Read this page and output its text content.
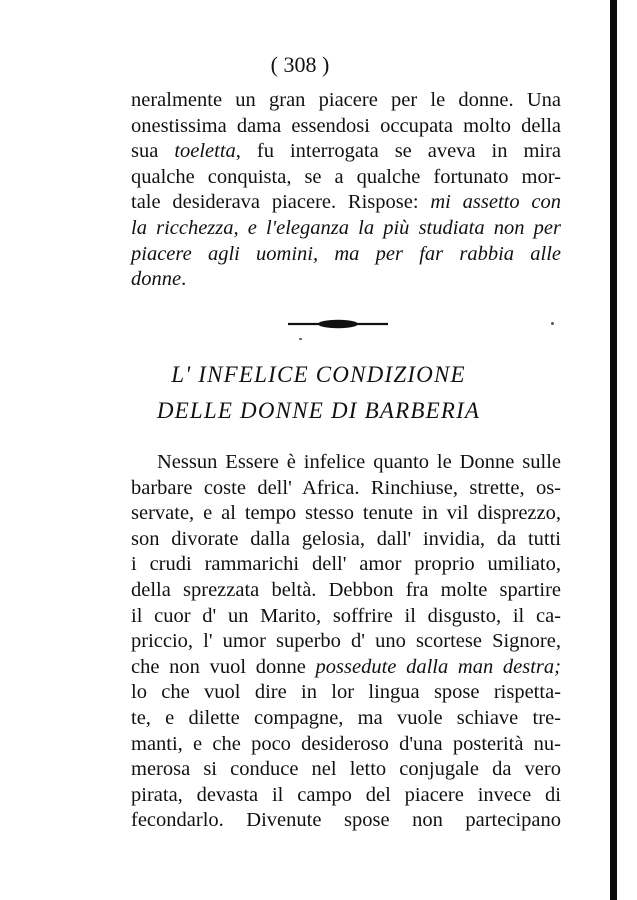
( 308 )
neralmente un gran piacere per le donne. Una
onestissima dama essendosi occupata molto della
sua toeletta, fu interrogata se aveva in mira
qualche conquista, se a qualche fortunato mor-
tale desiderava piacere. Rispose: mi assetto con
la ricchezza, e l'eleganza la più studiata non per
piacere agli uomini, ma per far rabbia alle
donne.
L' INFELICE CONDIZIONE
DELLE DONNE DI BARBERIA
Nessun Essere è infelice quanto le Donne sulle
barbare coste dell' Africa. Rinchiuse, strette, os-
servate, e al tempo stesso tenute in vil disprezzo,
son divorate dalla gelosia, dall' invidia, da tutti
i crudi rammarichi dell' amor proprio umiliato,
della sprezzata beltà. Debbon fra molte spartire
il cuor d' un Marito, soffrire il disgusto, il ca-
priccio, l' umor superbo d' uno scortese Signore,
che non vuol donne possedute dalla man destra;
lo che vuol dire in lor lingua spose rispetta-
te, e dilette compagne, ma vuole schiave tre-
manti, e che poco desideroso d'una posterità nu-
merosa si conduce nel letto conjugale da vero
pirata, devasta il campo del piacere invece di
fecondarlo. Divenute spose non partecipano
